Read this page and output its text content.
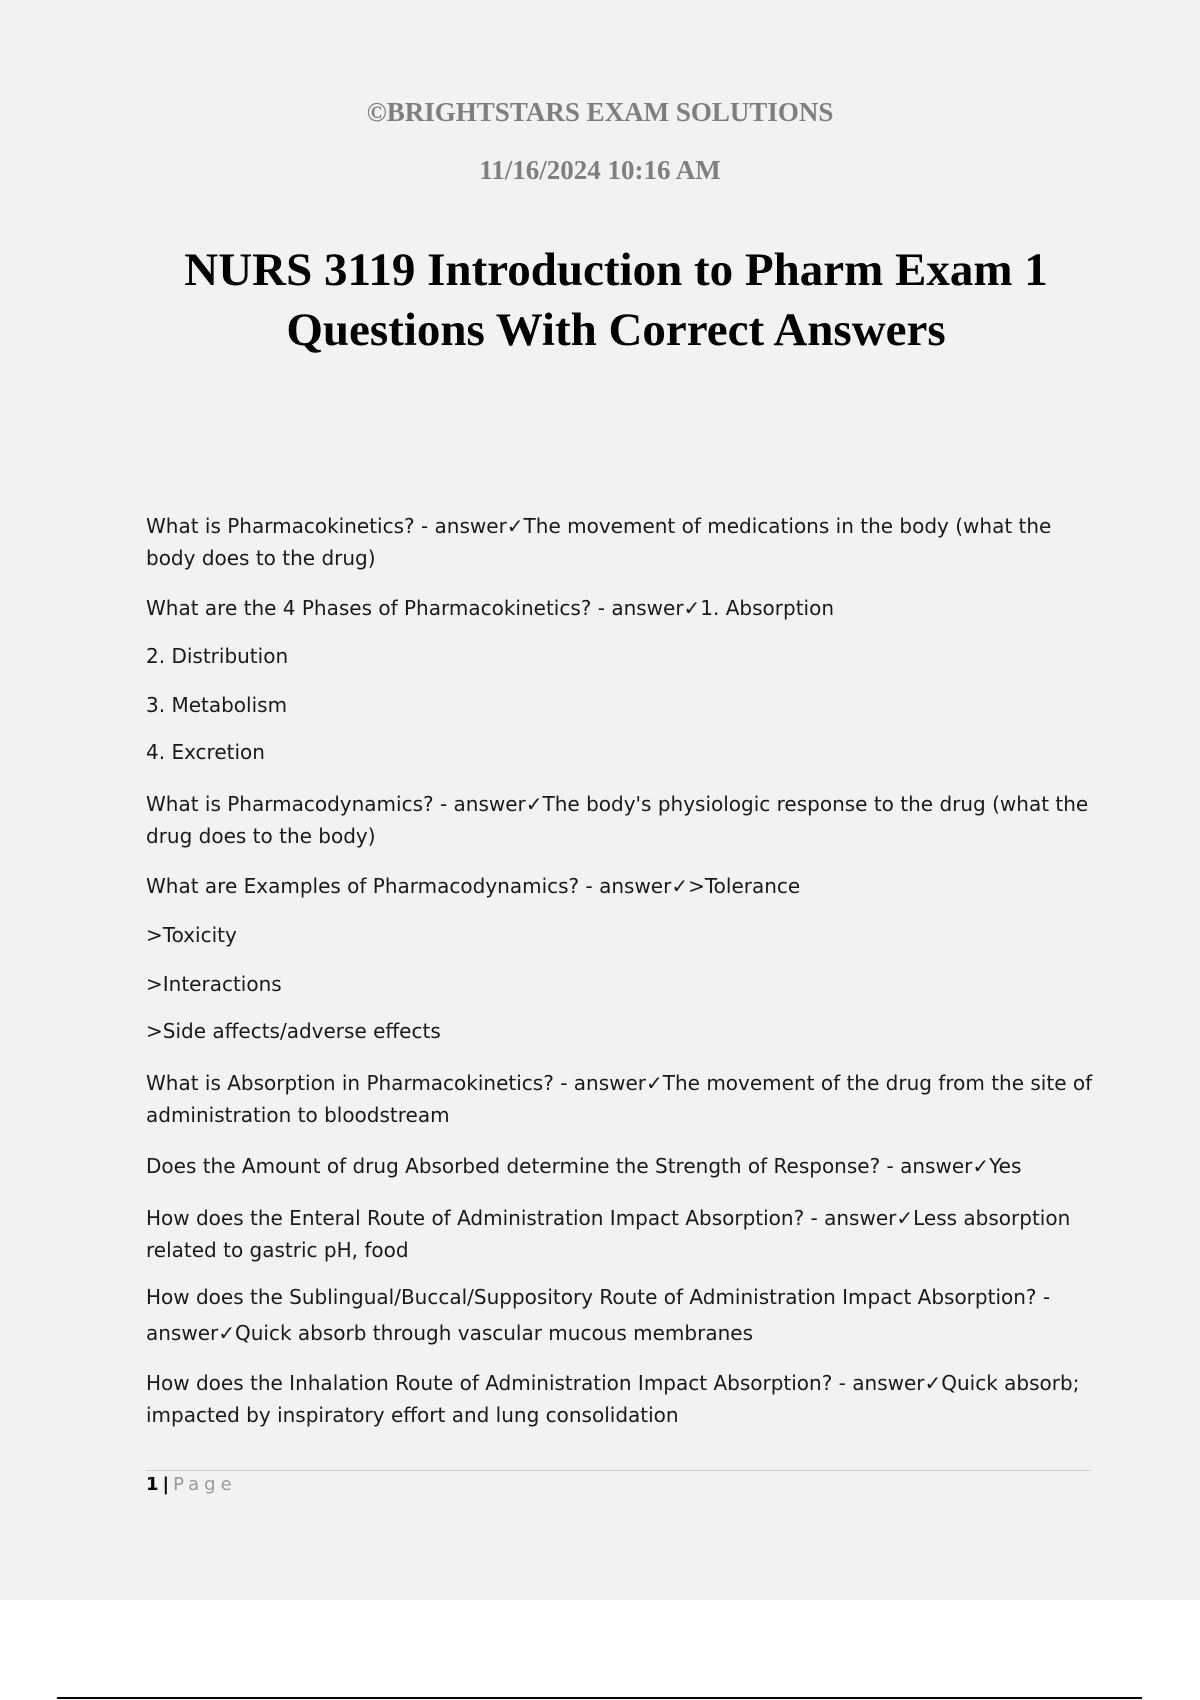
©BRIGHTSTARS EXAM SOLUTIONS

11/16/2024 10:16 AM

NURS 3119 Introduction to Pharm Exam 1
Questions With Correct Answers
What is Pharmacokinetics? - answer✓The movement of medications in the body (what the
body does to the drug)
What are the 4 Phases of Pharmacokinetics? - answer✓1. Absorption
2. Distribution
3. Metabolism
4. Excretion
What is Pharmacodynamics? - answer✓The body's physiologic response to the drug (what the
drug does to the body)
What are Examples of Pharmacodynamics? - answer✓>Tolerance
>Toxicity
>Interactions
>Side affects/adverse effects
What is Absorption in Pharmacokinetics? - answer✓The movement of the drug from the site of
administration to bloodstream
Does the Amount of drug Absorbed determine the Strength of Response? - answer✓Yes
How does the Enteral Route of Administration Impact Absorption? - answer✓Less absorption
related to gastric pH, food
How does the Sublingual/Buccal/Suppository Route of Administration Impact Absorption? -
answer✓Quick absorb through vascular mucous membranes
How does the Inhalation Route of Administration Impact Absorption? - answer✓Quick absorb;
impacted by inspiratory effort and lung consolidation
1 | Page
